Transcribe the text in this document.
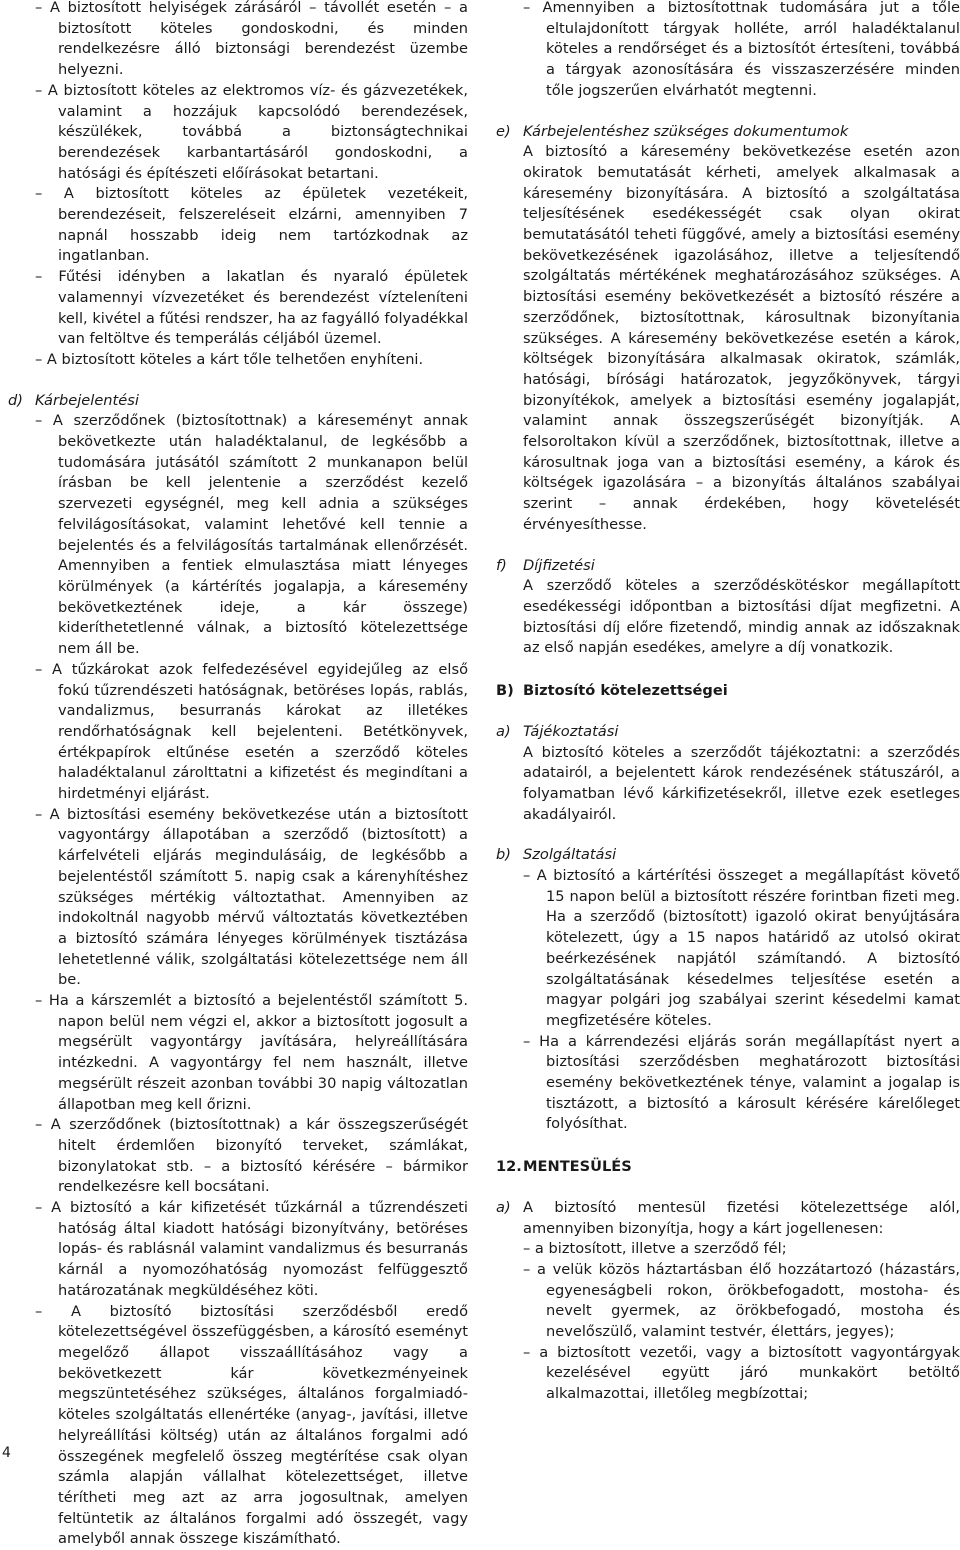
– A biztosított helyiségek zárásáról – távollét esetén – a biztosított köteles gondoskodni, és minden rendelkezésre álló biztonsági berendezést üzembe helyezni.

– A biztosított köteles az elektromos víz- és gázvezetékek, valamint a hozzájuk kapcsolódó berendezések, készülékek, továbbá a biztonságtechnikai berendezések karbantartásáról gondoskodni, a hatósági és építészeti előírásokat betartani.

– A biztosított köteles az épületek vezetékeit, berendezéseit, felszereléseit elzárni, amennyiben 7 napnál hosszabb ideig nem tartózkodnak az ingatlanban.

– Fűtési idényben a lakatlan és nyaraló épületek valamennyi vízvezetéket és berendezést vízteleníteni kell, kivétel a fűtési rendszer, ha az fagyálló folyadékkal van feltöltve és temperálás céljából üzemel.

– A biztosított köteles a kárt tőle telhetően enyhíteni.

d) Kárbejelentési

– A szerződőnek (biztosítottnak) a káreseményt annak bekövetkezte után haladéktalanul, de legkésőbb a tudomására jutásától számított 2 munkanapon belül írásban be kell jelentenie a szerződést kezelő szervezeti egységnél, meg kell adnia a szükséges felvilágosításokat, valamint lehetővé kell tennie a bejelentés és a felvilágosítás tartalmának ellenőrzését. Amennyiben a fentiek elmulasztása miatt lényeges körülmények (a kártérítés jogalapja, a káresemény bekövetkeztének ideje, a kár összege) kideríthetetlenné válnak, a biztosító kötelezettsége nem áll be.

– A tűzkárokat azok felfedezésével egyidejűleg az első fokú tűzrendészeti hatóságnak, betöréses lopás, rablás, vandalizmus, besurranás károkat az illetékes rendőrhatóságnak kell bejelenteni. Betétkönyvek, értékpapírok eltűnése esetén a szerződő köteles haladéktalanul zárolttatni a kifizetést és megindítani a hirdetményi eljárást.

– A biztosítási esemény bekövetkezése után a biztosított vagyontárgy állapotában a szerződő (biztosított) a kárfelvételi eljárás megindulásáig, de legkésőbb a bejelentéstől számított 5. napig csak a kárenyhítéshez szükséges mértékig változtathat. Amennyiben az indokoltnál nagyobb mérvű változtatás következtében a biztosító számára lényeges körülmények tisztázása lehetetlenné válik, szolgáltatási kötelezettsége nem áll be.

– Ha a kárszemlét a biztosító a bejelentéstől számított 5. napon belül nem végzi el, akkor a biztosított jogosult a megsérült vagyontárgy javítására, helyreállítására intézkedni. A vagyontárgy fel nem használt, illetve megsérült részeit azonban további 30 napig változatlan állapotban meg kell őrizni.

– A szerződőnek (biztosítottnak) a kár összegszerűségét hitelt érdemlően bizonyító terveket, számlákat, bizonylatokat stb. – a biztosító kérésére – bármikor rendelkezésre kell bocsátani.

– A biztosító a kár kifizetését tűzkárnál a tűzrendészeti hatóság által kiadott hatósági bizonyítvány, betöréses lopás- és rablásnál valamint vandalizmus és besurranás kárnál a nyomozóhatóság nyomozást felfüggesztő határozatának megküldéséhez köti.

– A biztosító biztosítási szerződésből eredő kötelezettségével összefüggésben, a károsító eseményt megelőző állapot visszaállításához vagy a bekövetkezett kár következményeinek megszüntetéséhez szükséges, általános forgalmiadó-köteles szolgáltatás ellenértéke (anyag-, javítási, illetve helyreállítási költség) után az általános forgalmi adó összegének megfelelő összeg megtérítése csak olyan számla alapján vállalhat kötelezettséget, illetve térítheti meg azt az arra jogosultnak, amelyen feltüntetik az általános forgalmi adó összegét, vagy amelyből annak összege kiszámítható.

– Amennyiben a biztosítottnak tudomására jut a tőle eltulajdonított tárgyak holléte, arról haladéktalanul köteles a rendőrséget és a biztosítót értesíteni, továbbá a tárgyak azonosítására és visszaszerzésére minden tőle jogszerűen elvárhatót megtenni.

e) Kárbejelentéshez szükséges dokumentumok

A biztosító a káresemény bekövetkezése esetén azon okiratok bemutatását kérheti, amelyek alkalmasak a káresemény bizonyítására. A biztosító a szolgáltatása teljesítésének esedékességét csak olyan okirat bemutatásától teheti függővé, amely a biztosítási esemény bekövetkezésének igazolásához, illetve a teljesítendő szolgáltatás mértékének meghatározásához szükséges. A biztosítási esemény bekövetkezését a biztosító részére a szerződőnek, biztosítottnak, károsultnak bizonyítania szükséges. A káresemény bekövetkezése esetén a károk, költségek bizonyítására alkalmasak okiratok, számlák, hatósági, bírósági határozatok, jegyzőkönyvek, tárgyi bizonyítékok, amelyek a biztosítási esemény jogalapját, valamint annak összegszerűségét bizonyítják. A felsoroltakon kívül a szerződőnek, biztosítottnak, illetve a károsultnak joga van a biztosítási esemény, a károk és költségek igazolására – a bizonyítás általános szabályai szerint – annak érdekében, hogy követelését érvényesíthesse.

f) Díjfizetési

A szerződő köteles a szerződéskötéskor megállapított esedékességi időpontban a biztosítási díjat megfizetni. A biztosítási díj előre fizetendő, mindig annak az időszaknak az első napján esedékes, amelyre a díj vonatkozik.

B) Biztosító kötelezettségei
a) Tájékoztatási

A biztosító köteles a szerződőt tájékoztatni: a szerződés adatairól, a bejelentett károk rendezésének státuszáról, a folyamatban lévő kárkifizetésekről, illetve ezek esetleges akadályairól.

b) Szolgáltatási

– A biztosító a kártérítési összeget a megállapítást követő 15 napon belül a biztosított részére forintban fizeti meg. Ha a szerződő (biztosított) igazoló okirat benyújtására kötelezett, úgy a 15 napos határidő az utolsó okirat beérkezésének napjától számítandó. A biztosító szolgáltatásának késedelmes teljesítése esetén a magyar polgári jog szabályai szerint késedelmi kamat megfizetésére köteles.

– Ha a kárrendezési eljárás során megállapítást nyert a biztosítási szerződésben meghatározott biztosítási esemény bekövetkeztének ténye, valamint a jogalap is tisztázott, a biztosító a károsult kérésére kárelőleget folyósíthat.

12. MENTESÜLÉS
a) A biztosító mentesül fizetési kötelezettsége alól, amennyiben bizonyítja, hogy a kárt jogellenesen:

– a biztosított, illetve a szerződő fél;

– a velük közös háztartásban élő hozzátartozó (házastárs, egyeneságbeli rokon, örökbefogadott, mostoha- és nevelt gyermek, az örökbefogadó, mostoha és nevelőszülő, valamint testvér, élettárs, jegyes);

– a biztosított vezetői, vagy a biztosított vagyontárgyak kezelésével együtt járó munkakört betöltő alkalmazottai, illetőleg megbízottai;

4
